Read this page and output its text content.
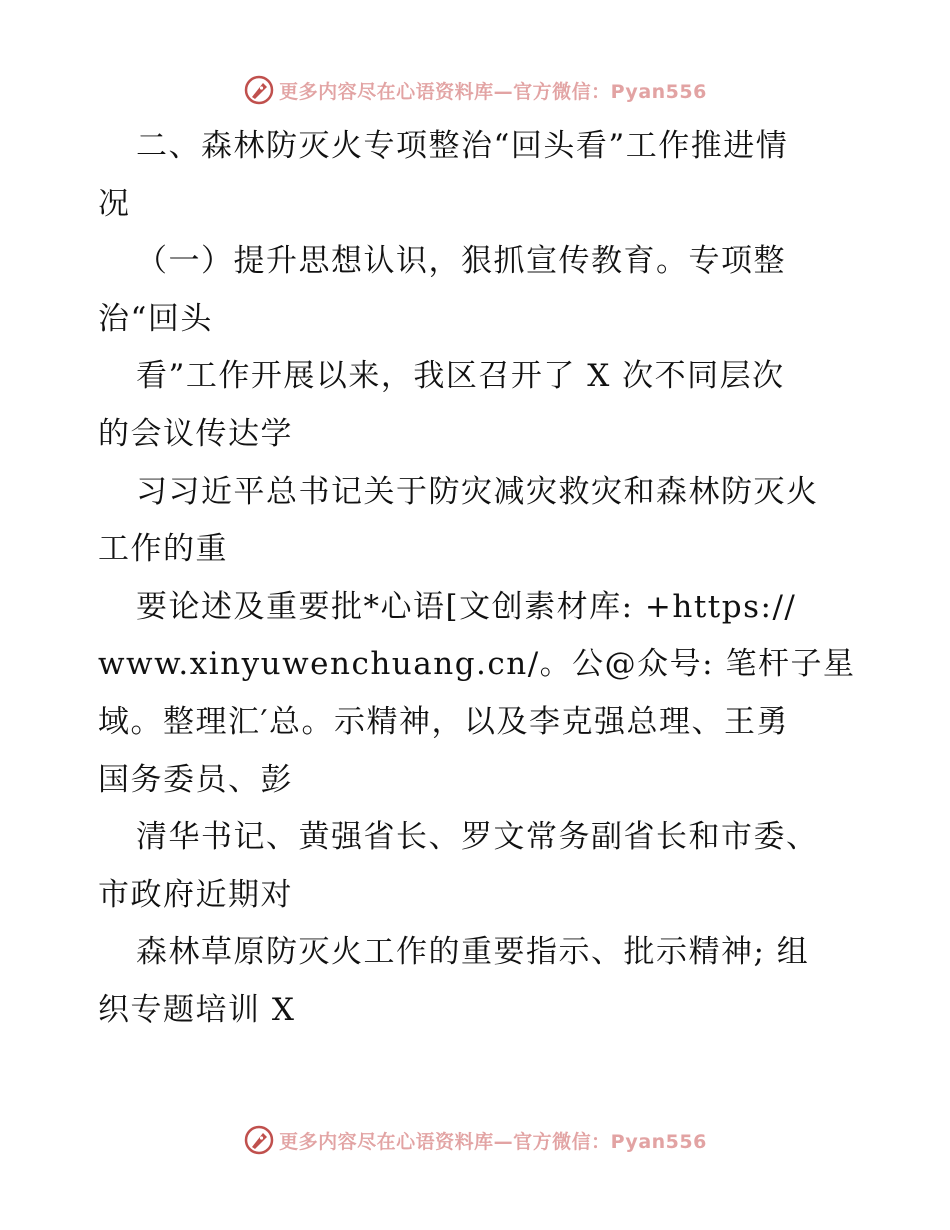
更多内容尽在心语资料库—官方微信：Pyan556
二、森林防灭火专项整治“回头看”工作推进情
况
（一）提升思想认识，狠抓宣传教育。专项整
治“回头
看”工作开展以来，我区召开了 X 次不同层次
的会议传达学
习习近平总书记关于防灾减灾救灾和森林防灭火
工作的重
要论述及重要批*心语[文创素材库: +https://
www.xinyuwenchuang.cn/。公@众号: 笔杆子星
域。整理汇′总。示精神，以及李克强总理、王勇
国务委员、彭
清华书记、黄强省长、罗文常务副省长和市委、
市政府近期对
森林草原防灭火工作的重要指示、批示精神; 组
织专题培训 X
更多内容尽在心语资料库—官方微信：Pyan556
